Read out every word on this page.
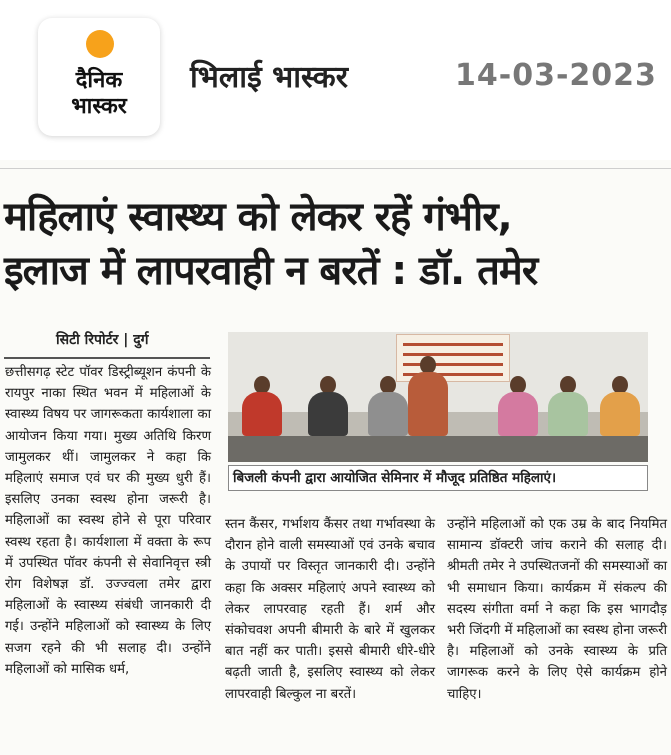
दैनिक
भास्कर
भिलाई भास्कर	14-03-2023
महिलाएं स्वास्थ्य को लेकर रहें गंभीर,
इलाज में लापरवाही न बरतें : डॉ. तमेर
सिटी रिपोर्टर | दुर्ग
छत्तीसगढ़ स्टेट पॉवर डिस्ट्रीब्यूशन कंपनी के रायपुर नाका स्थित भवन में महिलाओं के स्वास्थ्य विषय पर जागरूकता कार्यशाला का आयोजन किया गया। मुख्य अतिथि किरण जामुलकर थीं। जामुलकर ने कहा कि महिलाएं समाज एवं घर की मुख्य धुरी हैं। इसलिए उनका स्वस्थ होना जरूरी है। महिलाओं का स्वस्थ होने से पूरा परिवार स्वस्थ रहता है। कार्यशाला में वक्ता के रूप में उपस्थित पॉवर कंपनी से सेवानिवृत्त स्त्री रोग विशेषज्ञ डॉ. उज्ज्वला तमेर द्वारा महिलाओं के स्वास्थ्य संबंधी जानकारी दी गई। उन्होंने महिलाओं को स्वास्थ्य के लिए सजग रहने की भी सलाह दी। उन्होंने महिलाओं को मासिक धर्म,
बिजली कंपनी द्वारा आयोजित सेमिनार में मौजूद प्रतिष्ठित महिलाएं।
स्तन कैंसर, गर्भाशय कैंसर तथा गर्भावस्था के दौरान होने वाली समस्याओं एवं उनके बचाव के उपायों पर विस्तृत जानकारी दी। उन्होंने कहा कि अक्सर महिलाएं अपने स्वास्थ्य को लेकर लापरवाह रहती हैं। शर्म और संकोचवश अपनी बीमारी के बारे में खुलकर बात नहीं कर पाती। इससे बीमारी धीरे-धीरे बढ़ती जाती है, इसलिए स्वास्थ्य को लेकर लापरवाही बिल्कुल ना बरतें।
उन्होंने महिलाओं को एक उम्र के बाद नियमित सामान्य डॉक्टरी जांच कराने की सलाह दी। श्रीमती तमेर ने उपस्थितजनों की समस्याओं का भी समाधान किया। कार्यक्रम में संकल्प की सदस्य संगीता वर्मा ने कहा कि इस भागदौड़ भरी जिंदगी में महिलाओं का स्वस्थ होना जरूरी है। महिलाओं को उनके स्वास्थ्य के प्रति जागरूक करने के लिए ऐसे कार्यक्रम होने चाहिए।
